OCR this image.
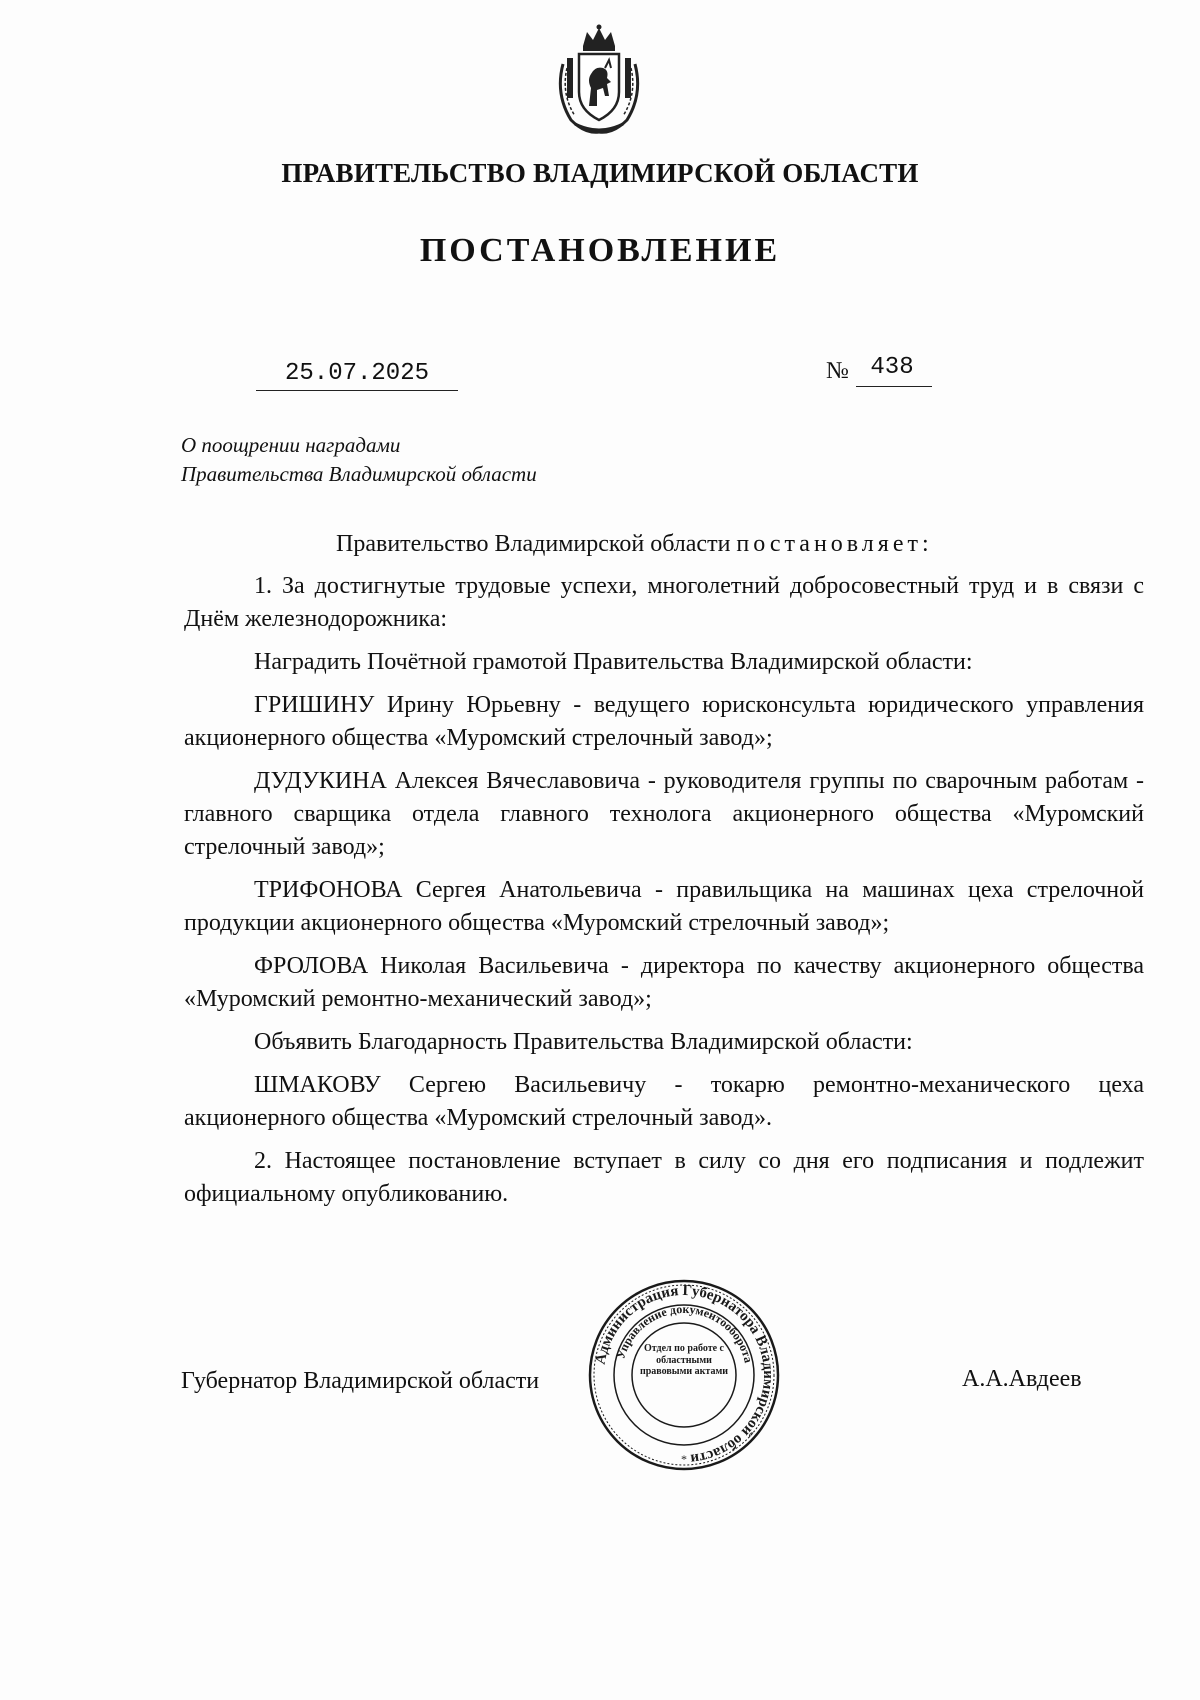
ПРАВИТЕЛЬСТВО ВЛАДИМИРСКОЙ ОБЛАСТИ
ПОСТАНОВЛЕНИЕ
25.07.2025	№ 438
О поощрении наградами
Правительства Владимирской области

Правительство Владимирской области постановляет:

1. За достигнутые трудовые успехи, многолетний добросовестный труд и в связи с Днём железнодорожника:

Наградить Почётной грамотой Правительства Владимирской области:

ГРИШИНУ Ирину Юрьевну - ведущего юрисконсульта юридического управления акционерного общества «Муромский стрелочный завод»;

ДУДУКИНА Алексея Вячеславовича - руководителя группы по сварочным работам - главного сварщика отдела главного технолога акционерного общества «Муромский стрелочный завод»;

ТРИФОНОВА Сергея Анатольевича - правильщика на машинах цеха стрелочной продукции акционерного общества «Муромский стрелочный завод»;

ФРОЛОВА Николая Васильевича - директора по качеству акционерного общества «Муромский ремонтно-механический завод»;

Объявить Благодарность Правительства Владимирской области:

ШМАКОВУ Сергею Васильевичу - токарю ремонтно-механического цеха акционерного общества «Муромский стрелочный завод».

2. Настоящее постановление вступает в силу со дня его подписания и подлежит официальному опубликованию.

Губернатор Владимирской области	А.А.Авдеев
Администрация Губернатора Владимирской области
Управление документооборота
Отдел по работе с областными правовыми актами
*
